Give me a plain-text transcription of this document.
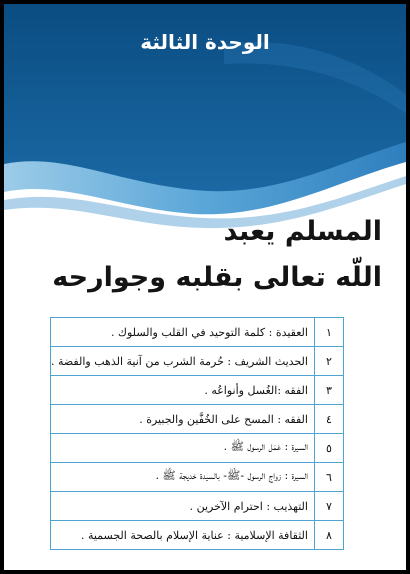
الوحدة الثالثة
المسلم يعبد
اللّه تعالى بقلبه وجوارحه
١	العقيدة : كلمة التوحيد في القلب والسلوك .
٢	الحديث الشريف : حُرمة الشرب من آنية الذهب والفضة .
٣	الفقه :الغُسل وأنواعُه .
٤	الفقه : المسح على الخُفَّين والجبيرة .
٥	السيرة : عَمَل الرسول ﷺ .
٦	السيرة : زواج الرسول -ﷺ- بالسيدة خديجة ﷺ .
٧	التهذيب : احترام الآخرين .
٨	الثقافة الإسلامية : عناية الإسلام بالصحة الجسمية .
